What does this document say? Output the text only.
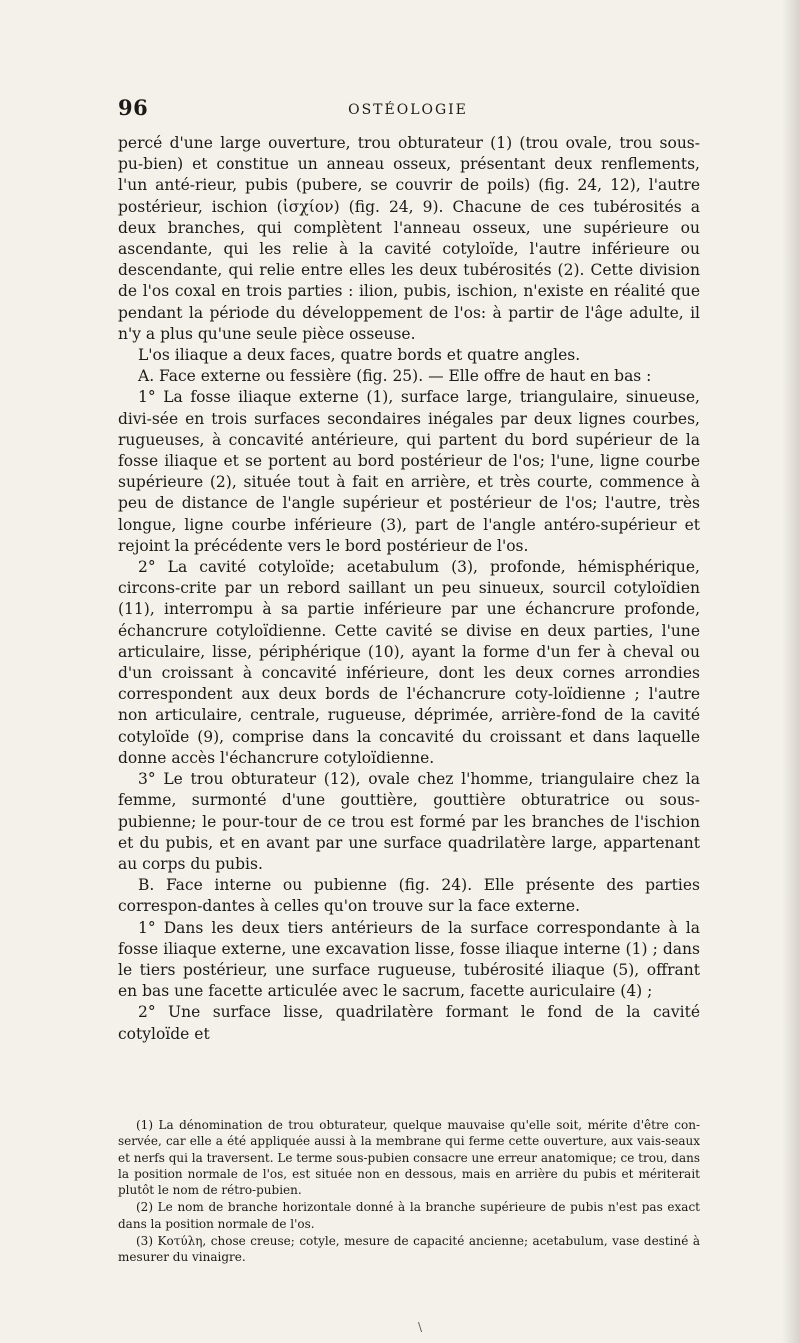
96	OSTÉOLOGIE

percé d'une large ouverture, trou obturateur (1) (trou ovale, trou sous-pu-bien) et constitue un anneau osseux, présentant deux renflements, l'un anté-rieur, pubis (pubere, se couvrir de poils) (fig. 24, 12), l'autre postérieur, ischion (ἰσχίον) (fig. 24, 9). Chacune de ces tubérosités a deux branches, qui complètent l'anneau osseux, une supérieure ou ascendante, qui les relie à la cavité cotyloïde, l'autre inférieure ou descendante, qui relie entre elles les deux tubérosités (2). Cette division de l'os coxal en trois parties : ilion, pubis, ischion, n'existe en réalité que pendant la période du développement de l'os: à partir de l'âge adulte, il n'y a plus qu'une seule pièce osseuse.

L'os iliaque a deux faces, quatre bords et quatre angles.

A. Face externe ou fessière (fig. 25). — Elle offre de haut en bas :

1° La fosse iliaque externe (1), surface large, triangulaire, sinueuse, divi-sée en trois surfaces secondaires inégales par deux lignes courbes, rugueuses, à concavité antérieure, qui partent du bord supérieur de la fosse iliaque et se portent au bord postérieur de l'os; l'une, ligne courbe supérieure (2), située tout à fait en arrière, et très courte, commence à peu de distance de l'angle supérieur et postérieur de l'os; l'autre, très longue, ligne courbe inférieure (3), part de l'angle antéro-supérieur et rejoint la précédente vers le bord postérieur de l'os.

2° La cavité cotyloïde; acetabulum (3), profonde, hémisphérique, circons-crite par un rebord saillant un peu sinueux, sourcil cotyloïdien (11), interrompu à sa partie inférieure par une échancrure profonde, échancrure cotyloïdienne. Cette cavité se divise en deux parties, l'une articulaire, lisse, périphérique (10), ayant la forme d'un fer à cheval ou d'un croissant à concavité inférieure, dont les deux cornes arrondies correspondent aux deux bords de l'échancrure coty-loïdienne ; l'autre non articulaire, centrale, rugueuse, déprimée, arrière-fond de la cavité cotyloïde (9), comprise dans la concavité du croissant et dans laquelle donne accès l'échancrure cotyloïdienne.

3° Le trou obturateur (12), ovale chez l'homme, triangulaire chez la femme, surmonté d'une gouttière, gouttière obturatrice ou sous-pubienne; le pour-tour de ce trou est formé par les branches de l'ischion et du pubis, et en avant par une surface quadrilatère large, appartenant au corps du pubis.

B. Face interne ou pubienne (fig. 24). Elle présente des parties correspon-dantes à celles qu'on trouve sur la face externe.

1° Dans les deux tiers antérieurs de la surface correspondante à la fosse iliaque externe, une excavation lisse, fosse iliaque interne (1) ; dans le tiers postérieur, une surface rugueuse, tubérosité iliaque (5), offrant en bas une facette articulée avec le sacrum, facette auriculaire (4) ;

2° Une surface lisse, quadrilatère formant le fond de la cavité cotyloïde et

(1) La dénomination de trou obturateur, quelque mauvaise qu'elle soit, mérite d'être con-servée, car elle a été appliquée aussi à la membrane qui ferme cette ouverture, aux vais-seaux et nerfs qui la traversent. Le terme sous-pubien consacre une erreur anatomique; ce trou, dans la position normale de l'os, est située non en dessous, mais en arrière du pubis et mériterait plutôt le nom de rétro-pubien.

(2) Le nom de branche horizontale donné à la branche supérieure de pubis n'est pas exact dans la position normale de l'os.

(3) Κοτύλη, chose creuse; cotyle, mesure de capacité ancienne; acetabulum, vase destiné à mesurer du vinaigre.

\
